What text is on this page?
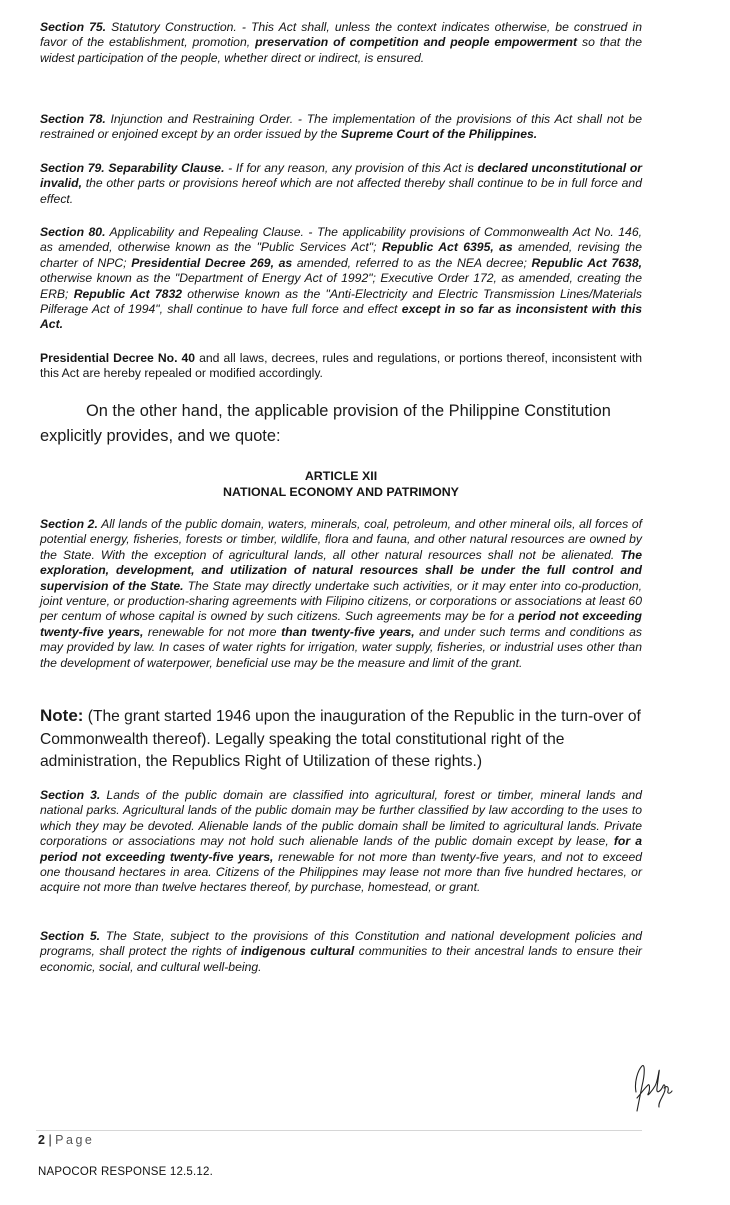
Section 75. Statutory Construction. - This Act shall, unless the context indicates otherwise, be construed in favor of the establishment, promotion, preservation of competition and people empowerment so that the widest participation of the people, whether direct or indirect, is ensured.

Section 78. Injunction and Restraining Order. - The implementation of the provisions of this Act shall not be restrained or enjoined except by an order issued by the Supreme Court of the Philippines.

Section 79. Separability Clause. - If for any reason, any provision of this Act is declared unconstitutional or invalid, the other parts or provisions hereof which are not affected thereby shall continue to be in full force and effect.

Section 80. Applicability and Repealing Clause. - The applicability provisions of Commonwealth Act No. 146, as amended, otherwise known as the "Public Services Act"; Republic Act 6395, as amended, revising the charter of NPC; Presidential Decree 269, as amended, referred to as the NEA decree; Republic Act 7638, otherwise known as the "Department of Energy Act of 1992"; Executive Order 172, as amended, creating the ERB; Republic Act 7832 otherwise known as the "Anti-Electricity and Electric Transmission Lines/Materials Pilferage Act of 1994", shall continue to have full force and effect except in so far as inconsistent with this Act.

Presidential Decree No. 40 and all laws, decrees, rules and regulations, or portions thereof, inconsistent with this Act are hereby repealed or modified accordingly.

On the other hand, the applicable provision of the Philippine Constitution explicitly provides, and we quote:

ARTICLE XII
NATIONAL ECONOMY AND PATRIMONY

Section 2. All lands of the public domain, waters, minerals, coal, petroleum, and other mineral oils, all forces of potential energy, fisheries, forests or timber, wildlife, flora and fauna, and other natural resources are owned by the State. With the exception of agricultural lands, all other natural resources shall not be alienated. The exploration, development, and utilization of natural resources shall be under the full control and supervision of the State. The State may directly undertake such activities, or it may enter into co-production, joint venture, or production-sharing agreements with Filipino citizens, or corporations or associations at least 60 per centum of whose capital is owned by such citizens. Such agreements may be for a period not exceeding twenty-five years, renewable for not more than twenty-five years, and under such terms and conditions as may provided by law. In cases of water rights for irrigation, water supply, fisheries, or industrial uses other than the development of waterpower, beneficial use may be the measure and limit of the grant.

Note: (The grant started 1946 upon the inauguration of the Republic in the turn-over of Commonwealth thereof). Legally speaking the total constitutional right of the administration, the Republics Right of Utilization of these rights.)

Section 3. Lands of the public domain are classified into agricultural, forest or timber, mineral lands and national parks. Agricultural lands of the public domain may be further classified by law according to the uses to which they may be devoted. Alienable lands of the public domain shall be limited to agricultural lands. Private corporations or associations may not hold such alienable lands of the public domain except by lease, for a period not exceeding twenty-five years, renewable for not more than twenty-five years, and not to exceed one thousand hectares in area. Citizens of the Philippines may lease not more than five hundred hectares, or acquire not more than twelve hectares thereof, by purchase, homestead, or grant.

Section 5. The State, subject to the provisions of this Constitution and national development policies and programs, shall protect the rights of indigenous cultural communities to their ancestral lands to ensure their economic, social, and cultural well-being.

2 | Page
NAPOCOR RESPONSE 12.5.12.
